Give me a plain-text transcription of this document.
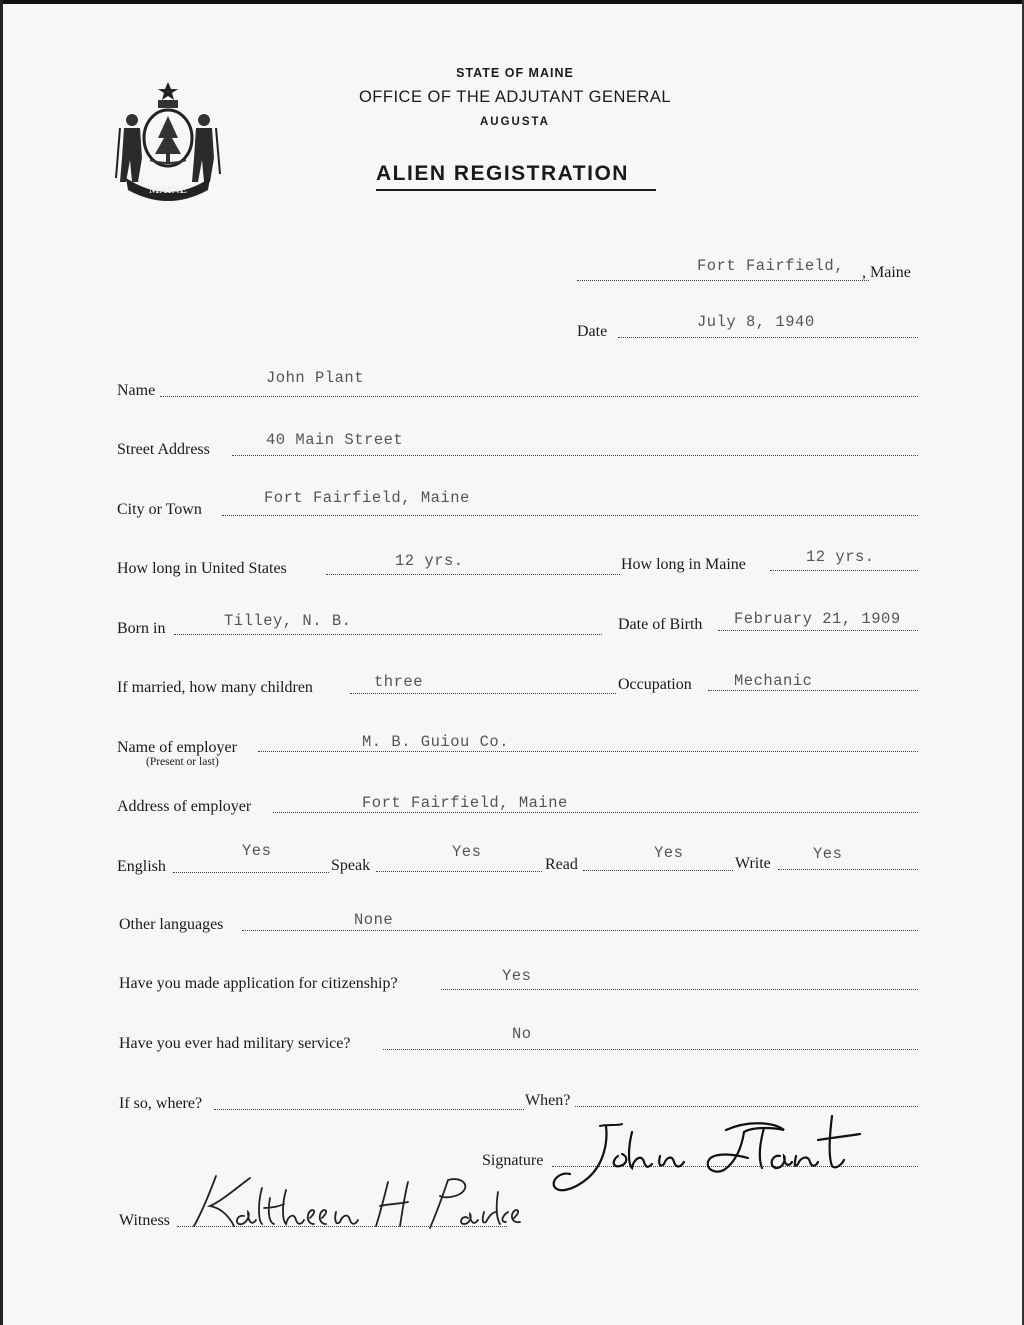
MAINE
STATE OF MAINE
OFFICE OF THE ADJUTANT GENERAL
AUGUSTA
ALIEN REGISTRATION
Fort Fairfield, , Maine
Date
July 8, 1940
Name
John Plant
Street Address
40 Main Street
City or Town
Fort Fairfield, Maine
How long in United States	12 yrs.	How long in Maine	12 yrs.
Born in	Tilley, N. B.	Date of Birth February 21, 1909
If married, how many children	three	Occupation	Mechanic
Name of employer
(Present or last)
M. B. Guiou Co.
Address of employer	Fort Fairfield, Maine
English
Yes
Speak
Yes
Read
Yes
Write
Yes
Other languages	None
Have you made application for citizenship?	Yes
Have you ever had military service?
No
If so, where?	When?
Signature
Witness
